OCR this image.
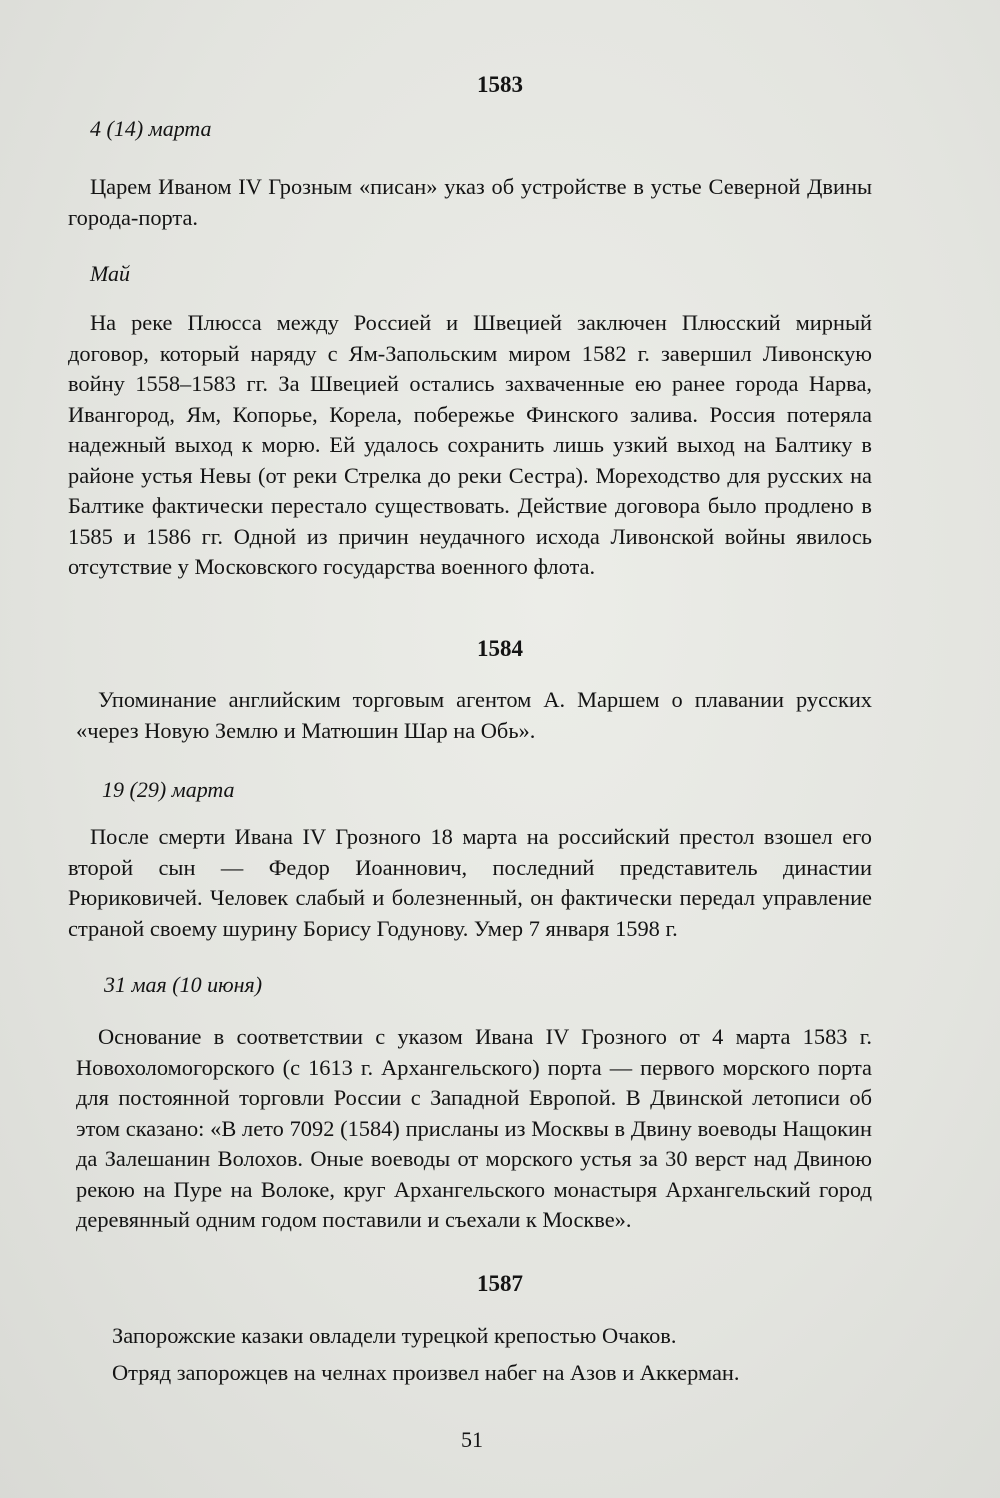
1583
4 (14) марта

Царем Иваном IV Грозным «писан» указ об устройстве в устье Северной Двины города-порта.

Май

На реке Плюсса между Россией и Швецией заключен Плюсский мирный договор, который наряду с Ям-Запольским миром 1582 г. завершил Ливонскую войну 1558–1583 гг. За Швецией остались захваченные ею ранее города Нарва, Ивангород, Ям, Копорье, Корела, побережье Финского залива. Россия потеряла надежный выход к морю. Ей удалось сохранить лишь узкий выход на Балтику в районе устья Невы (от реки Стрелка до реки Сестра). Мореходство для русских на Балтике фактически перестало существовать. Действие договора было продлено в 1585 и 1586 гг. Одной из причин неудачного исхода Ливонской войны явилось отсутствие у Московского государства военного флота.

1584

Упоминание английским торговым агентом А. Маршем о плавании русских «через Новую Землю и Матюшин Шар на Обь».

19 (29) марта

После смерти Ивана IV Грозного 18 марта на российский престол взошел его второй сын — Федор Иоаннович, последний представитель династии Рюриковичей. Человек слабый и болезненный, он фактически передал управление страной своему шурину Борису Годунову. Умер 7 января 1598 г.

31 мая (10 июня)

Основание в соответствии с указом Ивана IV Грозного от 4 марта 1583 г. Новохоломогорского (с 1613 г. Архангельского) порта — первого морского порта для постоянной торговли России с Западной Европой. В Двинской летописи об этом сказано: «В лето 7092 (1584) присланы из Москвы в Двину воеводы Нащокин да Залешанин Волохов. Оные воеводы от морского устья за 30 верст над Двиною рекою на Пуре на Волоке, круг Архангельского монастыря Архангельский город деревянный одним годом поставили и съехали к Москве».

1587
Запорожские казаки овладели турецкой крепостью Очаков.
Отряд запорожцев на челнах произвел набег на Азов и Аккерман.
51
